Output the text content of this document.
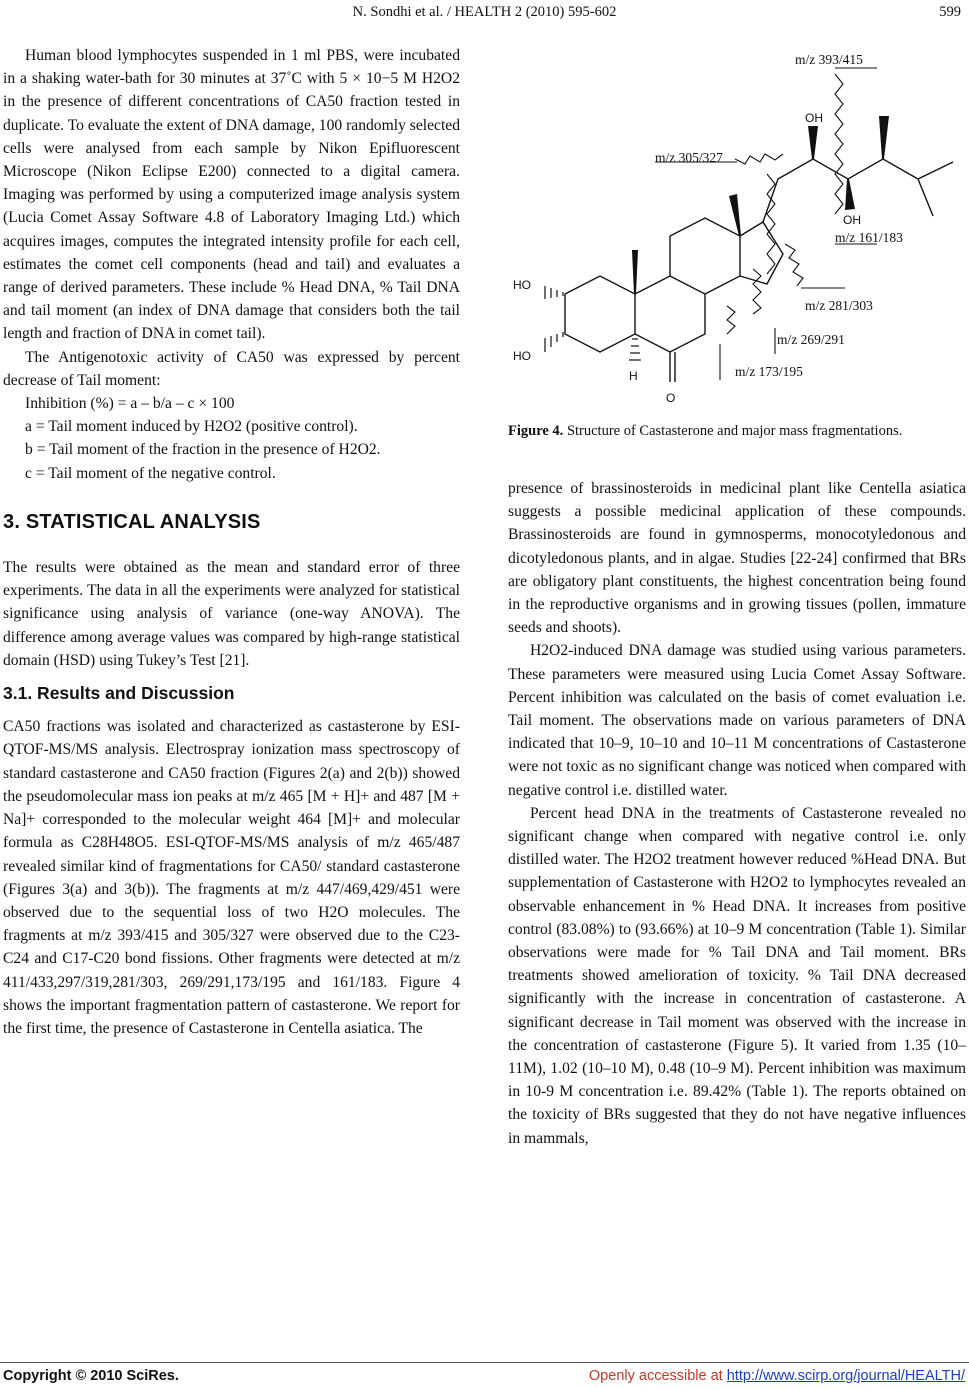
N. Sondhi et al. / HEALTH 2 (2010) 595-602	599

Human blood lymphocytes suspended in 1 ml PBS, were incubated in a shaking water-bath for 30 minutes at 37˚C with 5 × 10−5 M H2O2 in the presence of different concentrations of CA50 fraction tested in duplicate. To evaluate the extent of DNA damage, 100 randomly selected cells were analysed from each sample by Nikon Epifluorescent Microscope (Nikon Eclipse E200) connected to a digital camera. Imaging was performed by using a computerized image analysis system (Lucia Comet Assay Software 4.8 of Laboratory Imaging Ltd.) which acquires images, computes the integrated intensity profile for each cell, estimates the comet cell components (head and tail) and evaluates a range of derived parameters. These include % Head DNA, % Tail DNA and tail moment (an index of DNA damage that considers both the tail length and fraction of DNA in comet tail).

The Antigenotoxic activity of CA50 was expressed by percent decrease of Tail moment:

Inhibition (%) = a – b/a – c × 100

a = Tail moment induced by H2O2 (positive control).

b = Tail moment of the fraction in the presence of H2O2.

c = Tail moment of the negative control.

3. STATISTICAL ANALYSIS

The results were obtained as the mean and standard error of three experiments. The data in all the experiments were analyzed for statistical significance using analysis of variance (one-way ANOVA). The difference among average values was compared by high-range statistical domain (HSD) using Tukey’s Test [21].

3.1. Results and Discussion

CA50 fractions was isolated and characterized as castasterone by ESI-QTOF-MS/MS analysis. Electrospray ionization mass spectroscopy of standard castasterone and CA50 fraction (Figures 2(a) and 2(b)) showed the pseudomolecular mass ion peaks at m/z 465 [M + H]+ and 487 [M + Na]+ corresponded to the molecular weight 464 [M]+ and molecular formula as C28H48O5. ESI-QTOF-MS/MS analysis of m/z 465/487 revealed similar kind of fragmentations for CA50/ standard castasterone (Figures 3(a) and 3(b)). The fragments at m/z 447/469,429/451 were observed due to the sequential loss of two H2O molecules. The fragments at m/z 393/415 and 305/327 were observed due to the C23-C24 and C17-C20 bond fissions. Other fragments were detected at m/z 411/433,297/319,281/303, 269/291,173/195 and 161/183. Figure 4 shows the important fragmentation pattern of castasterone. We report for the first time, the presence of Castasterone in Centella asiatica. The

m/z 393/415
m/z 305/327
m/z 161/183
m/z 281/303
m/z 269/291
m/z 173/195
OH
OH
HO
HO
H
O
Figure 4. Structure of Castasterone and major mass fragmentations.

presence of brassinosteroids in medicinal plant like Centella asiatica suggests a possible medicinal application of these compounds. Brassinosteroids are found in gymnosperms, monocotyledonous and dicotyledonous plants, and in algae. Studies [22-24] confirmed that BRs are obligatory plant constituents, the highest concentration being found in the reproductive organisms and in growing tissues (pollen, immature seeds and shoots).

H2O2-induced DNA damage was studied using various parameters. These parameters were measured using Lucia Comet Assay Software. Percent inhibition was calculated on the basis of comet evaluation i.e. Tail moment. The observations made on various parameters of DNA indicated that 10–9, 10–10 and 10–11 M concentrations of Castasterone were not toxic as no significant change was noticed when compared with negative control i.e. distilled water.

Percent head DNA in the treatments of Castasterone revealed no significant change when compared with negative control i.e. only distilled water. The H2O2 treatment however reduced %Head DNA. But supplementation of Castasterone with H2O2 to lymphocytes revealed an observable enhancement in % Head DNA. It increases from positive control (83.08%) to (93.66%) at 10–9 M concentration (Table 1). Similar observations were made for % Tail DNA and Tail moment. BRs treatments showed amelioration of toxicity. % Tail DNA decreased significantly with the increase in concentration of castasterone. A significant decrease in Tail moment was observed with the increase in the concentration of castasterone (Figure 5). It varied from 1.35 (10–11M), 1.02 (10–10 M), 0.48 (10–9 M). Percent inhibition was maximum in 10-9 M concentration i.e. 89.42% (Table 1). The reports obtained on the toxicity of BRs suggested that they do not have negative influences in mammals,

Copyright © 2010 SciRes.	Openly accessible at http://www.scirp.org/journal/HEALTH/
